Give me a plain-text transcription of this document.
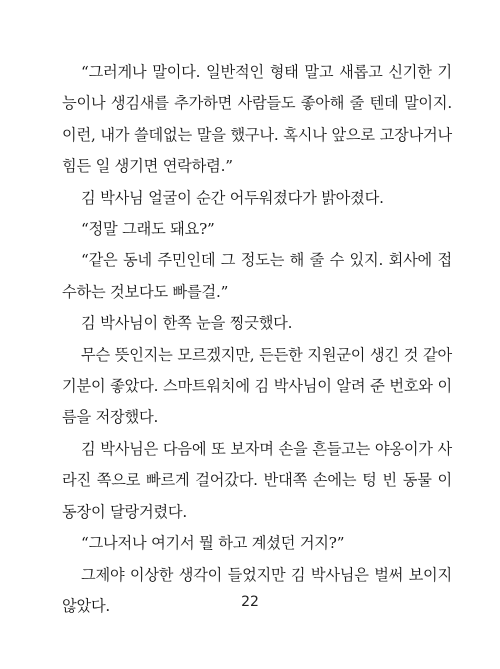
“그러게나 말이다. 일반적인 형태 말고 새롭고 신기한 기능이나 생김새를 추가하면 사람들도 좋아해 줄 텐데 말이지. 이런, 내가 쓸데없는 말을 했구나. 혹시나 앞으로 고장나거나 힘든 일 생기면 연락하렴.”

김 박사님 얼굴이 순간 어두워졌다가 밝아졌다.

“정말 그래도 돼요?”

“같은 동네 주민인데 그 정도는 해 줄 수 있지. 회사에 접수하는 것보다도 빠를걸.”

김 박사님이 한쪽 눈을 찡긋했다.

무슨 뜻인지는 모르겠지만, 든든한 지원군이 생긴 것 같아 기분이 좋았다. 스마트워치에 김 박사님이 알려 준 번호와 이름을 저장했다.

김 박사님은 다음에 또 보자며 손을 흔들고는 야옹이가 사라진 쪽으로 빠르게 걸어갔다. 반대쪽 손에는 텅 빈 동물 이동장이 달랑거렸다.

“그나저나 여기서 뭘 하고 계셨던 거지?”

그제야 이상한 생각이 들었지만 김 박사님은 벌써 보이지 않았다.	22
